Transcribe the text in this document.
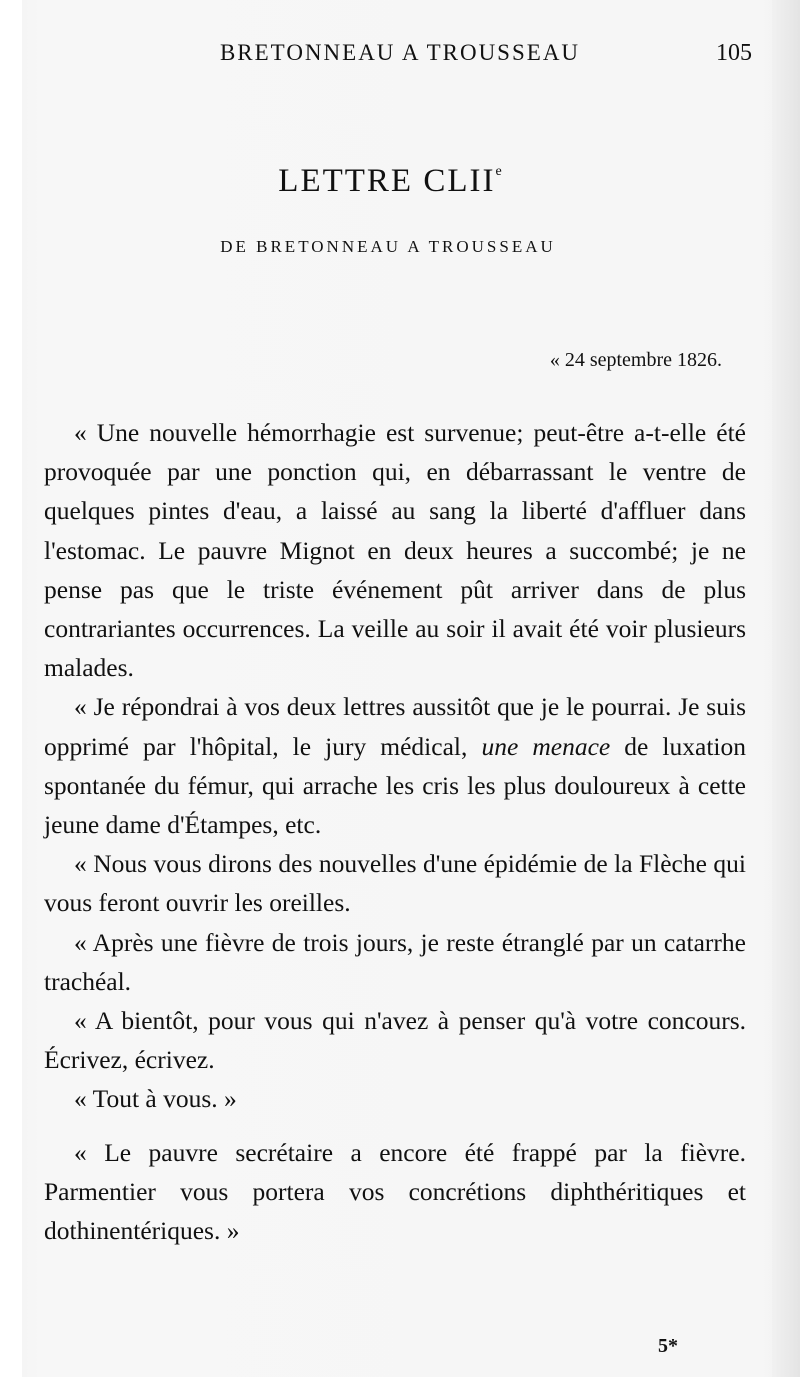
BRETONNEAU A TROUSSEAU	105
LETTRE CLIIe
DE BRETONNEAU A TROUSSEAU
« 24 septembre 1826.

« Une nouvelle hémorrhagie est survenue; peut-être a-t-elle été provoquée par une ponction qui, en débarrassant le ventre de quelques pintes d'eau, a laissé au sang la liberté d'affluer dans l'estomac. Le pauvre Mignot en deux heures a succombé; je ne pense pas que le triste événement pût arriver dans de plus contrariantes occurrences. La veille au soir il avait été voir plusieurs malades.

« Je répondrai à vos deux lettres aussitôt que je le pourrai. Je suis opprimé par l'hôpital, le jury médical, une menace de luxation spontanée du fémur, qui arrache les cris les plus douloureux à cette jeune dame d'Étampes, etc.

« Nous vous dirons des nouvelles d'une épidémie de la Flèche qui vous feront ouvrir les oreilles.

« Après une fièvre de trois jours, je reste étranglé par un catarrhe trachéal.

« A bientôt, pour vous qui n'avez à penser qu'à votre concours. Écrivez, écrivez.

« Tout à vous. »

« Le pauvre secrétaire a encore été frappé par la fièvre. Parmentier vous portera vos concrétions diphthéritiques et dothinentériques. »

5*
